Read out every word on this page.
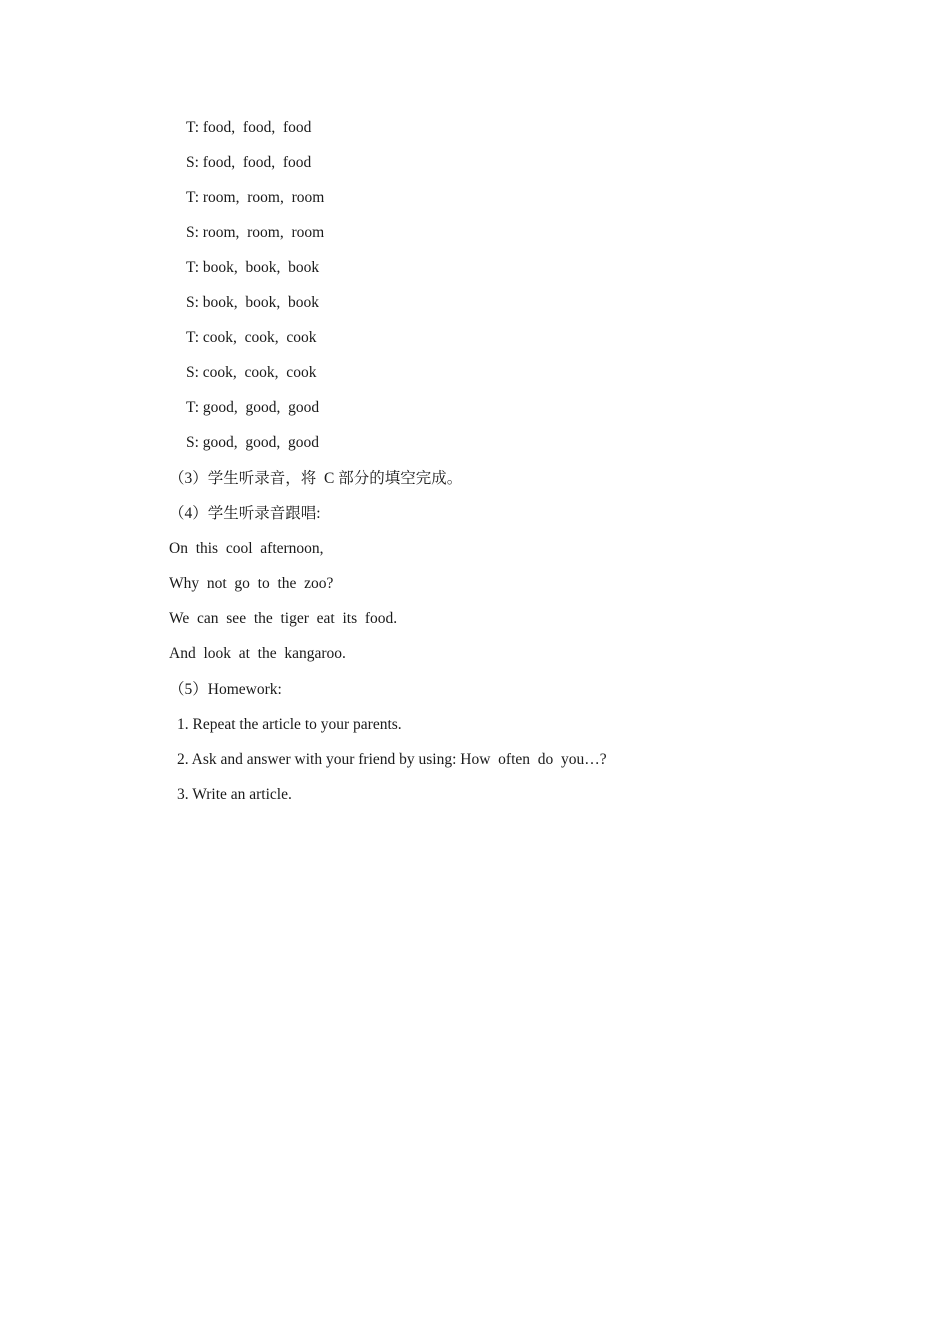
T: food,  food,  food
S: food,  food,  food
T: room,  room,  room
S: room,  room,  room
T: book,  book,  book
S: book,  book,  book
T: cook,  cook,  cook
S: cook,  cook,  cook
T: good,  good,  good
S: good,  good,  good
（3）学生听录音，将  C 部分的填空完成。
（4）学生听录音跟唱:
On  this  cool  afternoon,
Why  not  go  to  the  zoo?
We  can  see  the  tiger  eat  its  food.
And  look  at  the  kangaroo.
（5）Homework:
1. Repeat the article to your parents.
2. Ask and answer with your friend by using: How  often  do  you…?
3. Write an article.
